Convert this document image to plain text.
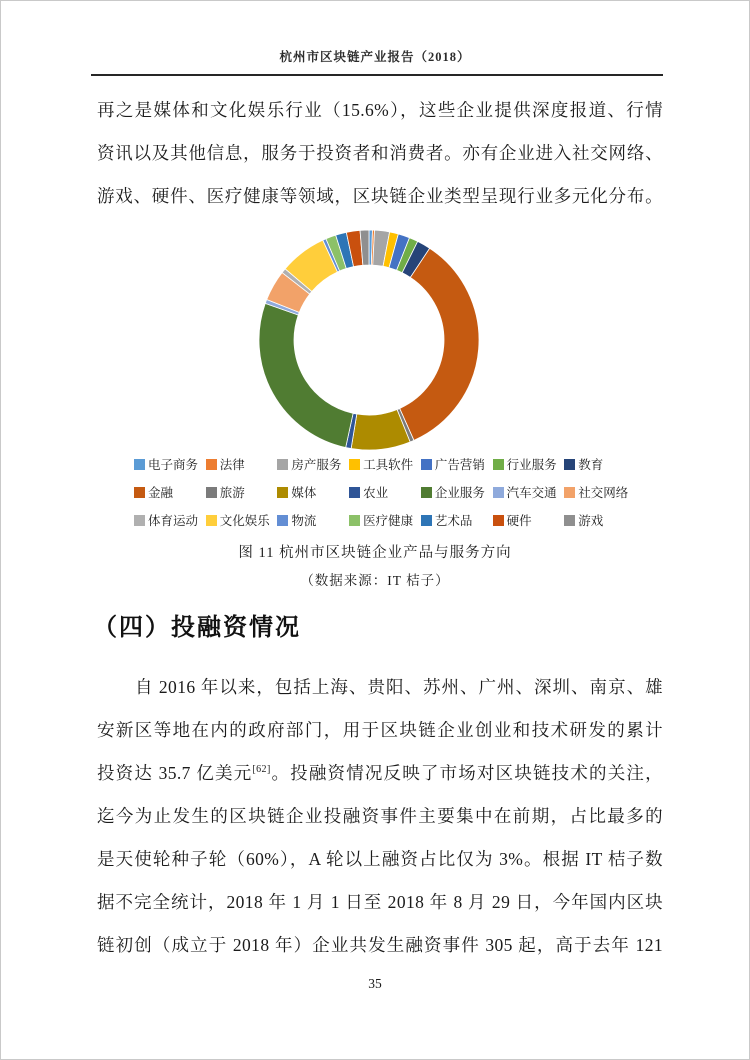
杭州市区块链产业报告（2018）
再之是媒体和文化娱乐行业（15.6%），这些企业提供深度报道、行情
资讯以及其他信息，服务于投资者和消费者。亦有企业进入社交网络、
游戏、硬件、医疗健康等领域，区块链企业类型呈现行业多元化分布。
电子商务 法律	房产服务 工具软件 广告营销 行业服务 教育
金融	旅游	媒体	农业	企业服务 汽车交通 社交网络
体育运动 文化娱乐 物流	医疗健康 艺术品	硬件	游戏
图 11 杭州市区块链企业产品与服务方向
（数据来源：IT 桔子）
（四）投融资情况
自 2016 年以来，包括上海、贵阳、苏州、广州、深圳、南京、雄
安新区等地在内的政府部门，用于区块链企业创业和技术研发的累计
投资达 35.7 亿美元[62]。投融资情况反映了市场对区块链技术的关注，
迄今为止发生的区块链企业投融资事件主要集中在前期，占比最多的
是天使轮种子轮（60%），A 轮以上融资占比仅为 3%。根据 IT 桔子数
据不完全统计，2018 年 1 月 1 日至 2018 年 8 月 29 日，今年国内区块
链初创（成立于 2018 年）企业共发生融资事件 305 起，高于去年 121
35
